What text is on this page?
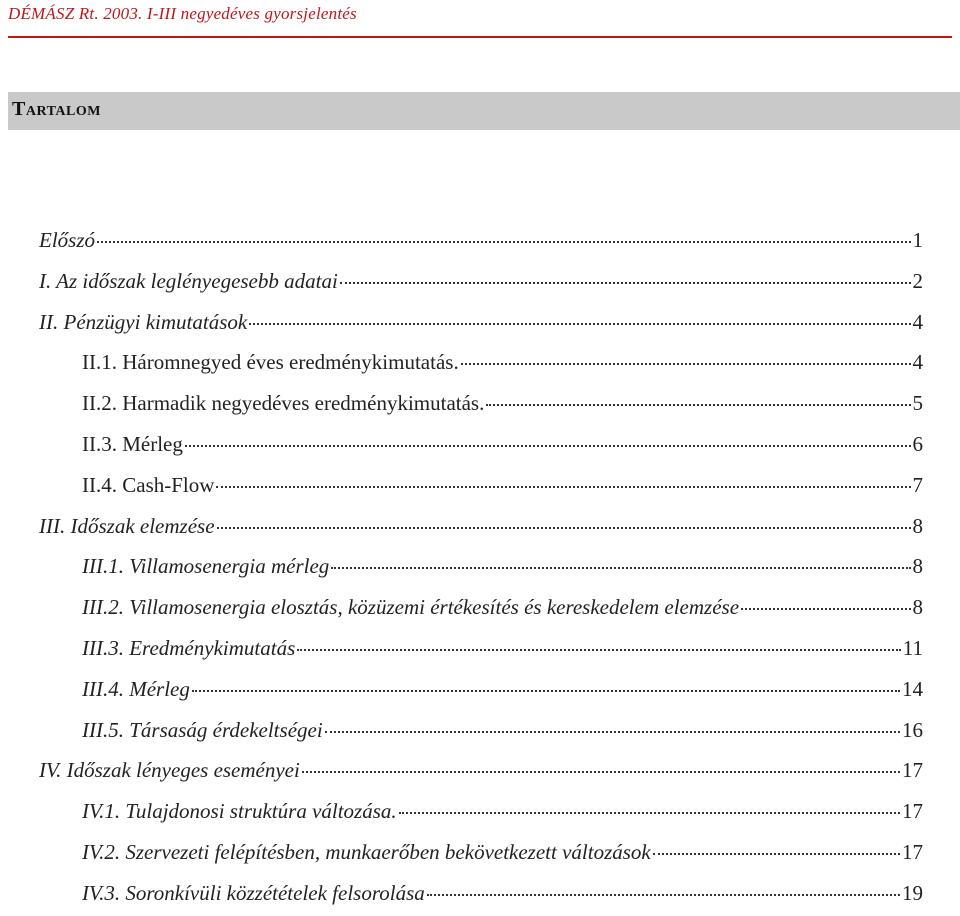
DÉMÁSZ Rt. 2003. I-III negyedéves gyorsjelentés
Tartalom
Előszó	1
I. Az időszak leglényegesebb adatai	2
II. Pénzügyi kimutatások	4
II.1. Háromnegyed éves eredménykimutatás.	4
II.2. Harmadik negyedéves eredménykimutatás.	5
II.3. Mérleg	6
II.4. Cash-Flow	7
III. Időszak elemzése	8
III.1. Villamosenergia mérleg	8
III.2. Villamosenergia elosztás, közüzemi értékesítés és kereskedelem elemzése	8
III.3. Eredménykimutatás	11
III.4. Mérleg	14
III.5. Társaság érdekeltségei	16
IV. Időszak lényeges eseményei	17
IV.1. Tulajdonosi struktúra változása.	17
IV.2. Szervezeti felépítésben, munkaerőben bekövetkezett változások	17
IV.3. Soronkívüli közzétételek felsorolása	19
